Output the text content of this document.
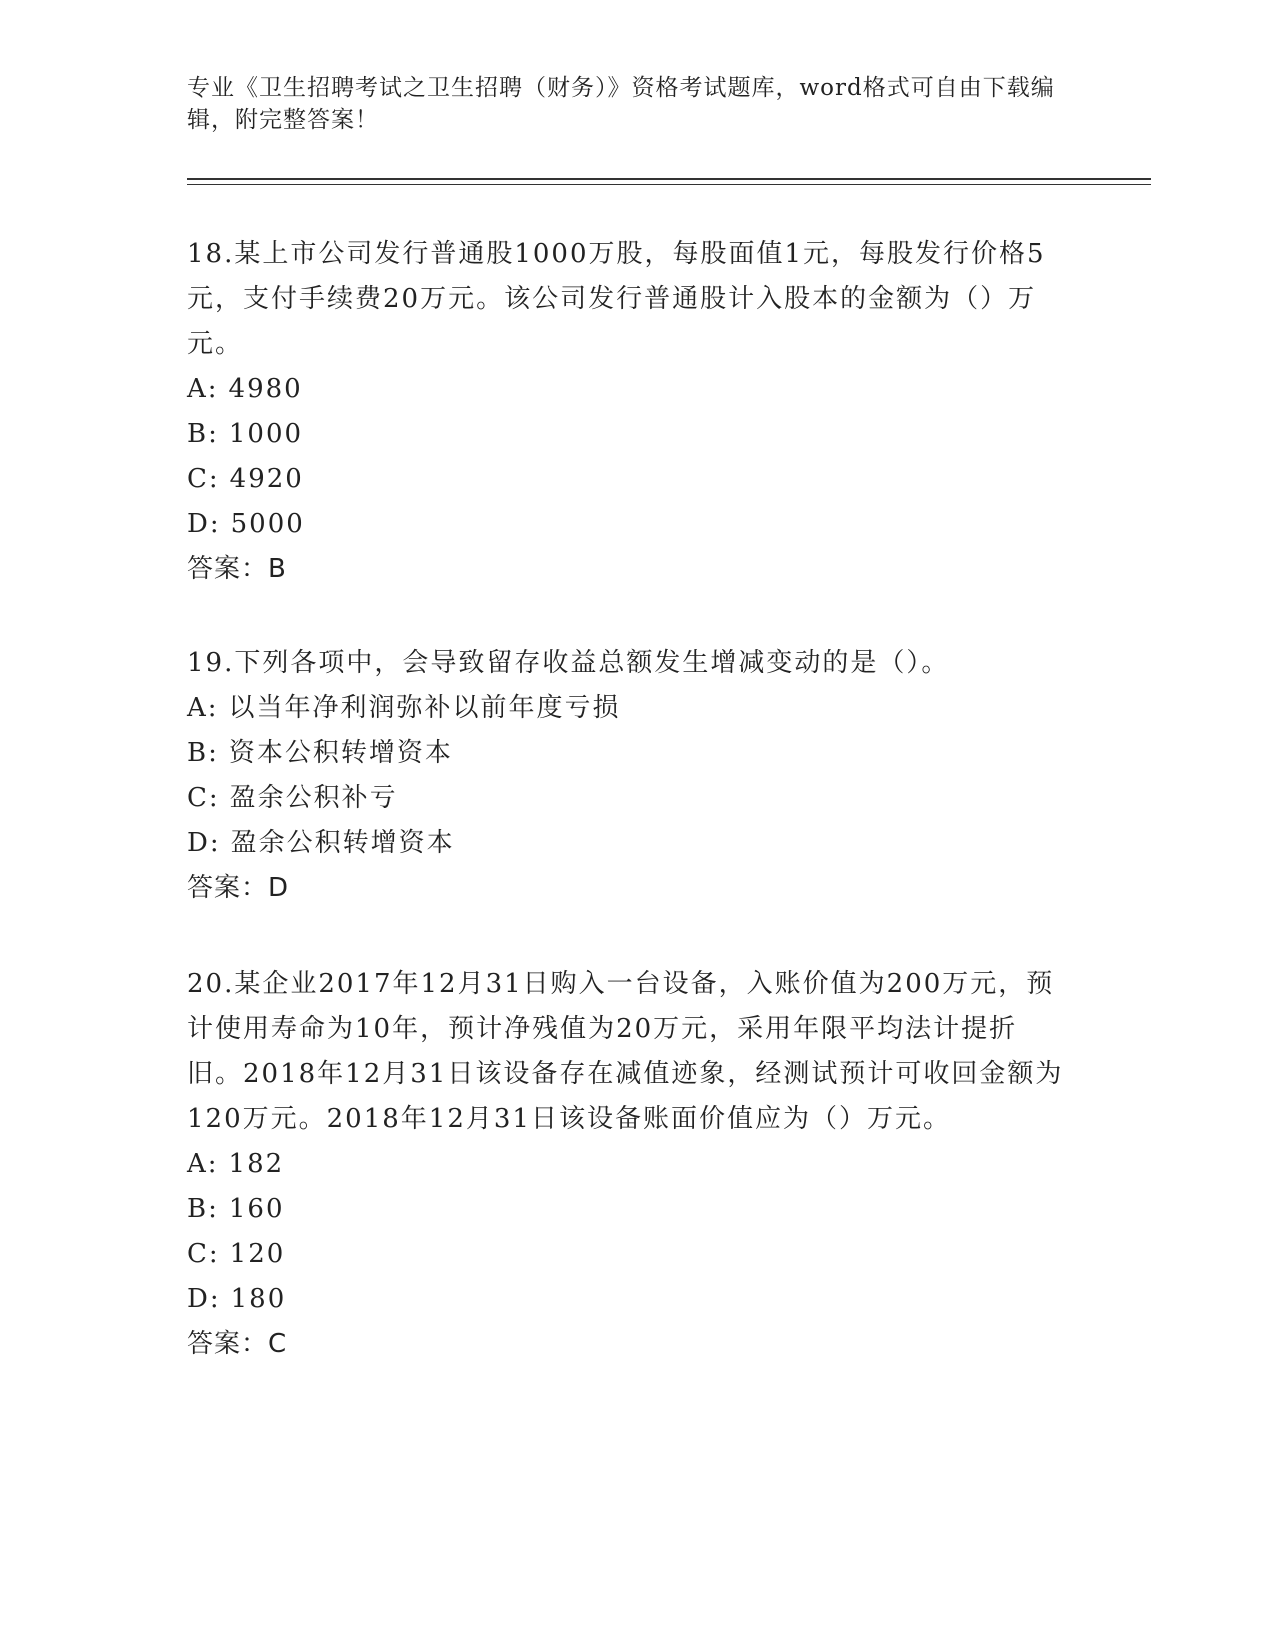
专业《卫生招聘考试之卫生招聘（财务）》资格考试题库，word格式可自由下载编辑，附完整答案！

18.某上市公司发行普通股1000万股，每股面值1元，每股发行价格5元，支付手续费20万元。该公司发行普通股计入股本的金额为（）万元。

A: 4980

B: 1000

C: 4920

D: 5000

答案：B

19.下列各项中，会导致留存收益总额发生增减变动的是（）。

A: 以当年净利润弥补以前年度亏损

B: 资本公积转增资本

C: 盈余公积补亏

D: 盈余公积转增资本

答案：D

20.某企业2017年12月31日购入一台设备，入账价值为200万元，预计使用寿命为10年，预计净残值为20万元，采用年限平均法计提折旧。2018年12月31日该设备存在减值迹象，经测试预计可收回金额为120万元。2018年12月31日该设备账面价值应为（）万元。

A: 182

B: 160

C: 120

D: 180

答案：C
